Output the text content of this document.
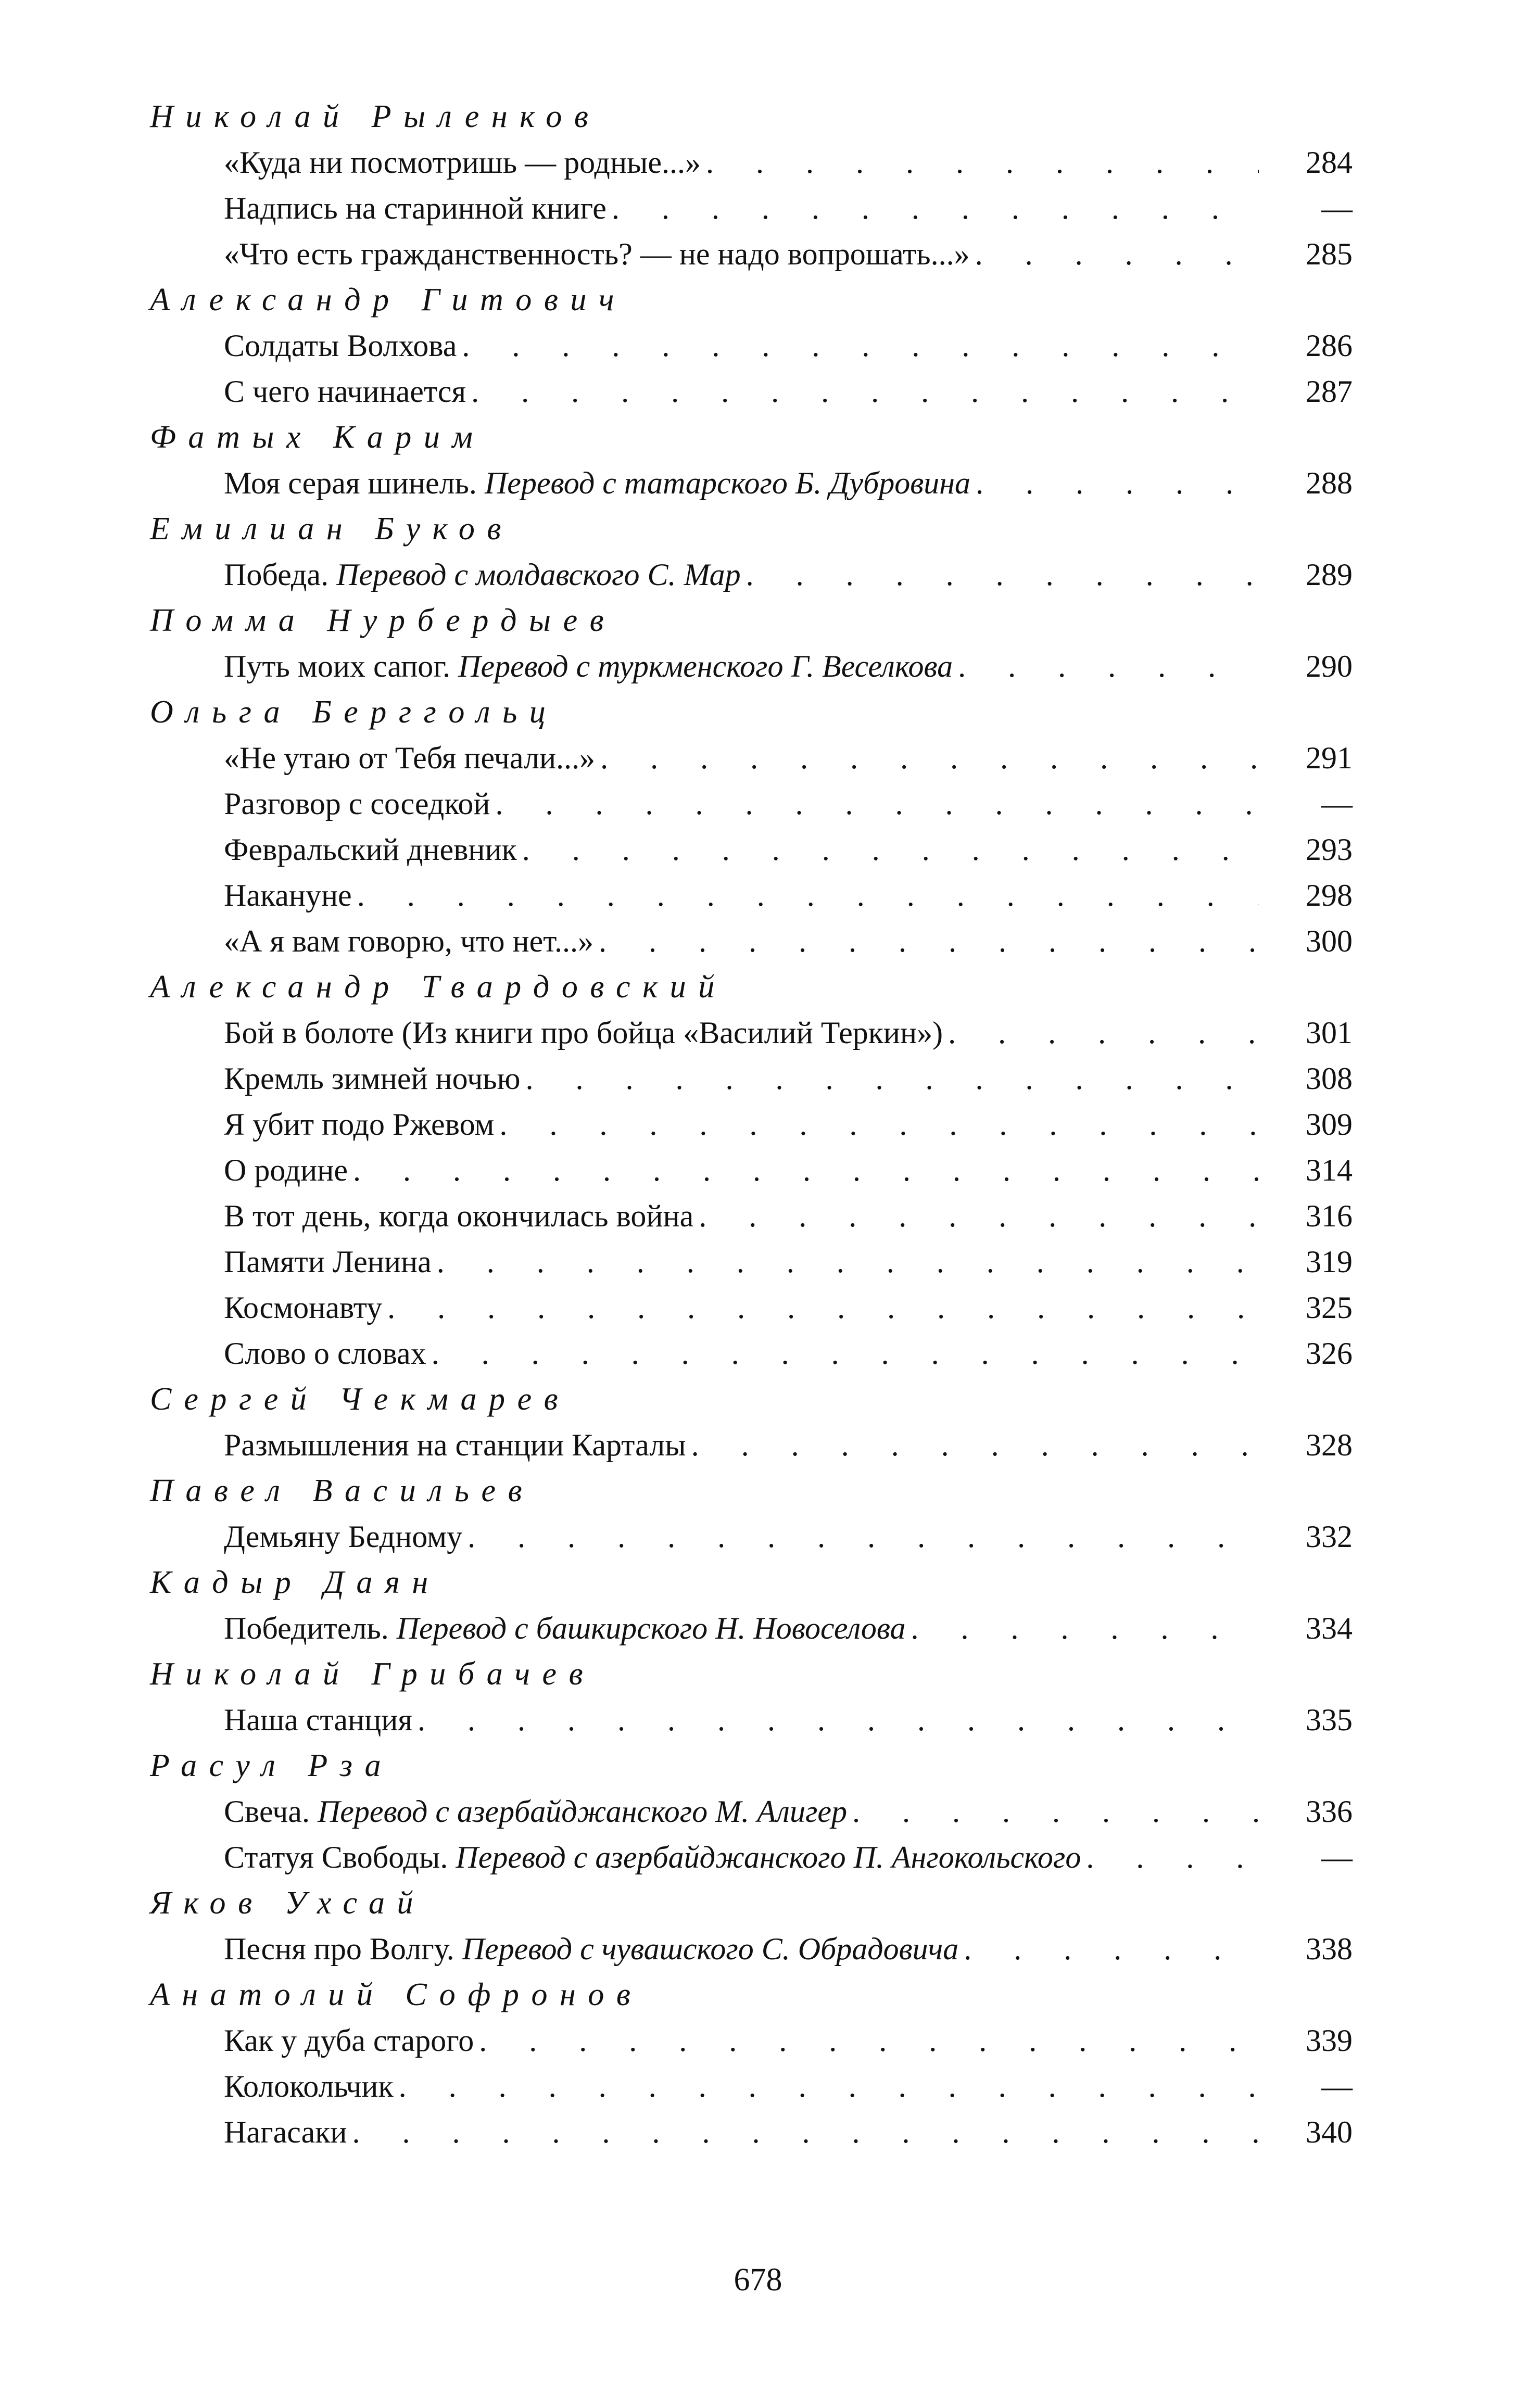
Николай Рыленков
«Куда ни посмотришь — родные...» . . .	284
Надпись на старинной книге . . .	—
«Что есть гражданственность? — не надо вопрошать...» . . .	285
Александр Гитович
Солдаты Волхова . . .	286
С чего начинается . . .	287
Фатых Карим
Моя серая шинель. Перевод с татарского Б. Дубровина . . .	288
Емилиан Буков
Победа. Перевод с молдавского С. Мар . . .	289
Помма Нурбердыев
Путь моих сапог. Перевод с туркменского Г. Веселкова . . .	290
Ольга Берггольц
«Не утаю от Тебя печали...» . . .	291
Разговор с соседкой . . .	—
Февральский дневник . . .	293
Накануне . . .	298
«А я вам говорю, что нет...» . . .	300
Александр Твардовский
Бой в болоте (Из книги про бойца «Василий Теркин») . . .	301
Кремль зимней ночью . . .	308
Я убит подо Ржевом . . .	309
О родине . . .	314
В тот день, когда окончилась война . . .	316
Памяти Ленина . . .	319
Космонавту . . .	325
Слово о словах . . .	326
Сергей Чекмарев
Размышления на станции Карталы . . .	328
Павел Васильев
Демьяну Бедному . . .	332
Кадыр Даян
Победитель. Перевод с башкирского Н. Новоселова . . .	334
Николай Грибачев
Наша станция . . .	335
Расул Рза
Свеча. Перевод с азербайджанского М. Алигер . . .	336
Статуя Свободы. Перевод с азербайджанского П. Ангокольского . . .	—
Яков Ухсай
Песня про Волгу. Перевод с чувашского С. Обрадовича . . .	338
Анатолий Софронов
Как у дуба старого . . .	339
Колокольчик . . .	—
Нагасаки . . .	340
678
